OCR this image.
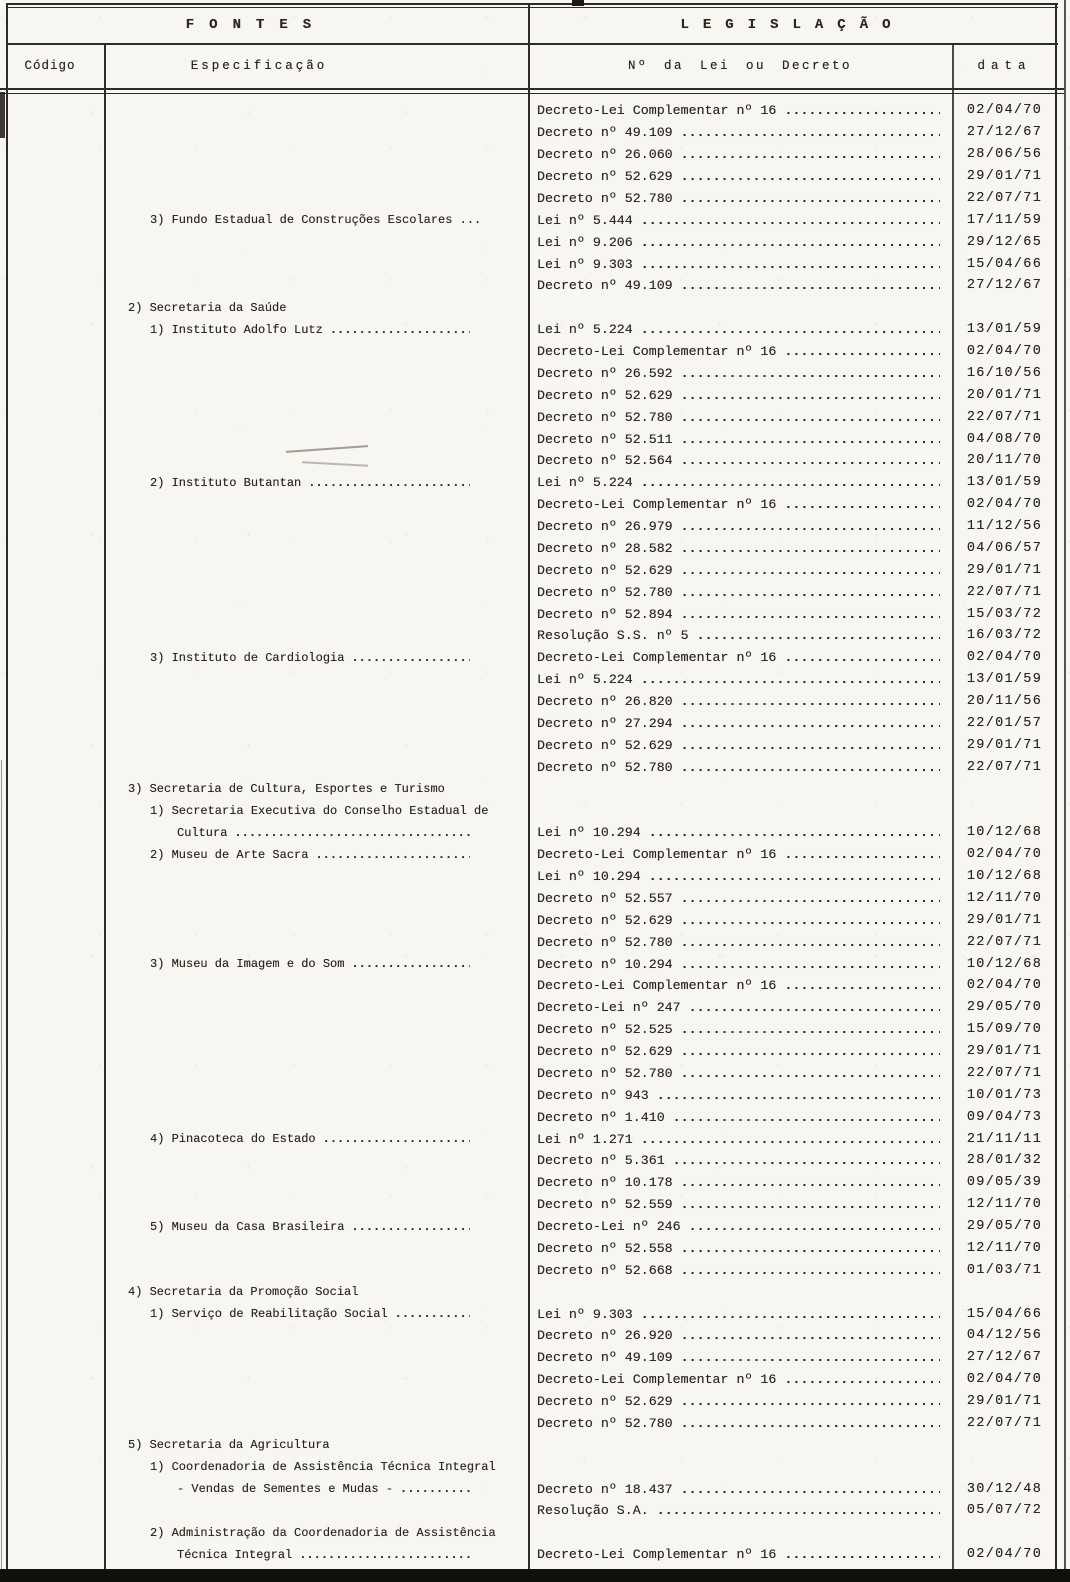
FONTES	LEGISLAÇÃO
Código	Especificação	Nº da Lei ou Decreto	data
Decreto-Lei Complementar nº 16 .....	02/04/70
Decreto nº 49.109 .....	27/12/67
Decreto nº 26.060 .....	28/06/56
Decreto nº 52.629 .....	29/01/71
Decreto nº 52.780 .....	22/07/71
3) Fundo Estadual de Construções Escolares ...	Lei nº 5.444 .....	17/11/59
Lei nº 9.206 .....	29/12/65
Lei nº 9.303 .....	15/04/66
Decreto nº 49.109 .....	27/12/67
2) Secretaria da Saúde
1) Instituto Adolfo Lutz .....	Lei nº 5.224 .....	13/01/59
Decreto-Lei Complementar nº 16 .....	02/04/70
Decreto nº 26.592 .....	16/10/56
Decreto nº 52.629 .....	20/01/71
Decreto nº 52.780 .....	22/07/71
Decreto nº 52.511 .....	04/08/70
Decreto nº 52.564 .....	20/11/70
2) Instituto Butantan .....	Lei nº 5.224 .....	13/01/59
Decreto-Lei Complementar nº 16 .....	02/04/70
Decreto nº 26.979 .....	11/12/56
Decreto nº 28.582 .....	04/06/57
Decreto nº 52.629 .....	29/01/71
Decreto nº 52.780 .....	22/07/71
Decreto nº 52.894 .....	15/03/72
Resolução S.S. nº 5 .....	16/03/72
3) Instituto de Cardiologia .....	Decreto-Lei Complementar nº 16 .....	02/04/70
Lei nº 5.224 .....	13/01/59
Decreto nº 26.820 .....	20/11/56
Decreto nº 27.294 .....	22/01/57
Decreto nº 52.629 .....	29/01/71
Decreto nº 52.780 .....	22/07/71
3) Secretaria de Cultura, Esportes e Turismo
1) Secretaria Executiva do Conselho Estadual de
Cultura .....	Lei nº 10.294 .....	10/12/68
2) Museu de Arte Sacra .....	Decreto-Lei Complementar nº 16 .....	02/04/70
Lei nº 10.294 .....	10/12/68
Decreto nº 52.557 .....	12/11/70
Decreto nº 52.629 .....	29/01/71
Decreto nº 52.780 .....	22/07/71
3) Museu da Imagem e do Som .....	Decreto nº 10.294 .....	10/12/68
Decreto-Lei Complementar nº 16 .....	02/04/70
Decreto-Lei nº 247 .....	29/05/70
Decreto nº 52.525 .....	15/09/70
Decreto nº 52.629 .....	29/01/71
Decreto nº 52.780 .....	22/07/71
Decreto nº 943 .....	10/01/73
Decreto nº 1.410 .....	09/04/73
4) Pinacoteca do Estado .....	Lei nº 1.271 .....	21/11/11
Decreto nº 5.361 .....	28/01/32
Decreto nº 10.178 .....	09/05/39
Decreto nº 52.559 .....	12/11/70
5) Museu da Casa Brasileira .....	Decreto-Lei nº 246 .....	29/05/70
Decreto nº 52.558 .....	12/11/70
Decreto nº 52.668 .....	01/03/71
4) Secretaria da Promoção Social
1) Serviço de Reabilitação Social .....	Lei nº 9.303 .....	15/04/66
Decreto nº 26.920 .....	04/12/56
Decreto nº 49.109 .....	27/12/67
Decreto-Lei Complementar nº 16 .....	02/04/70
Decreto nº 52.629 .....	29/01/71
Decreto nº 52.780 .....	22/07/71
5) Secretaria da Agricultura
1) Coordenadoria de Assistência Técnica Integral
- Vendas de Sementes e Mudas - .....	Decreto nº 18.437 .....	30/12/48
Resolução S.A. .....	05/07/72
2) Administração da Coordenadoria de Assistência
Técnica Integral .....	Decreto-Lei Complementar nº 16 .....	02/04/70
